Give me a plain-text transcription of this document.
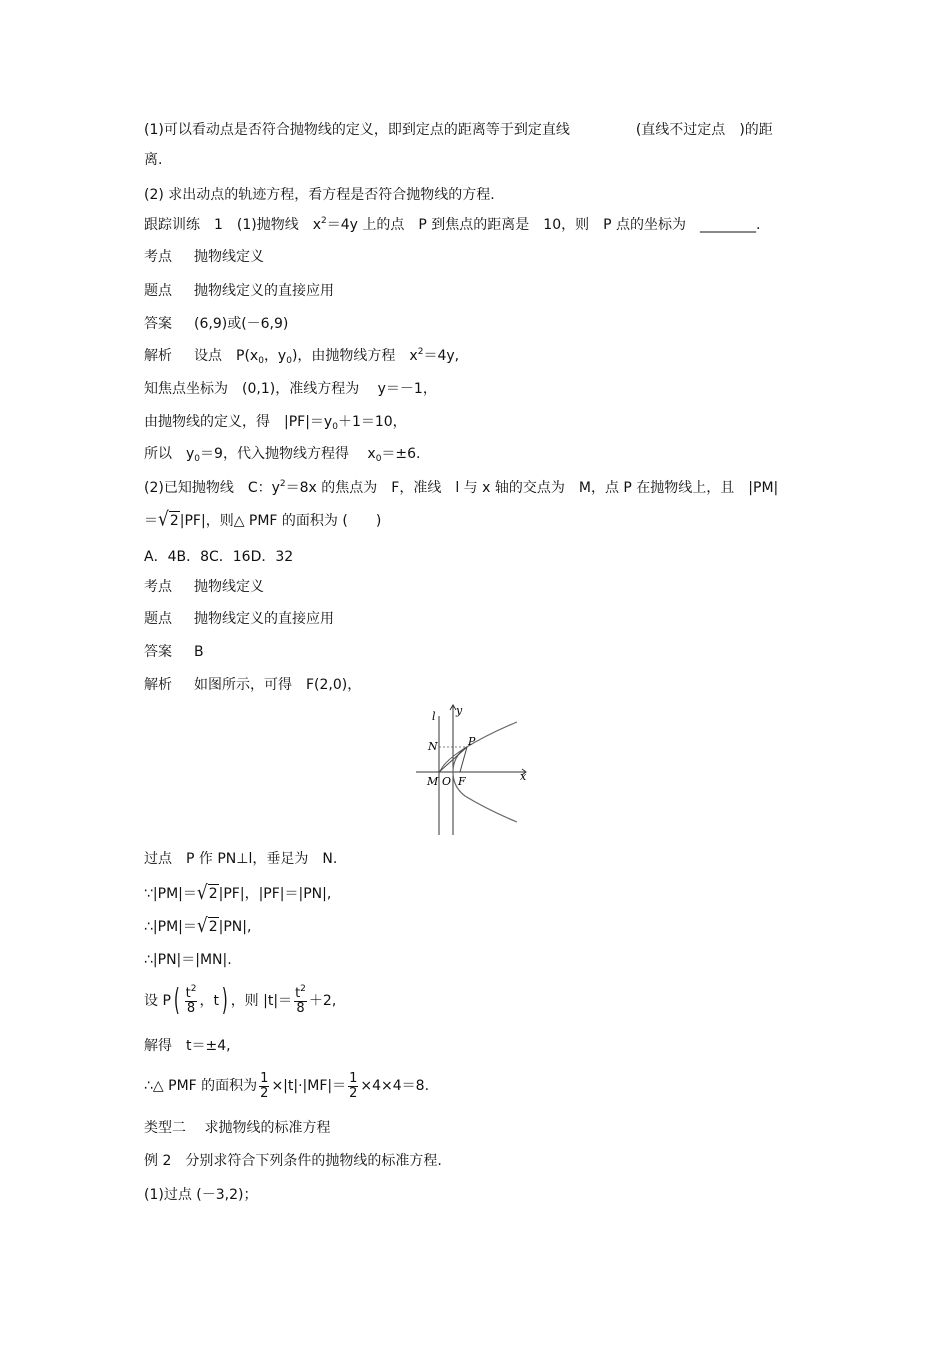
(1)可以看动点是否符合抛物线的定义，即到定点的距离等于到定直线	(直线不过定点 )的距
离.
(2) 求出动点的轨迹方程，看方程是否符合抛物线的方程.
跟踪训练　1　(1)抛物线　$x^2=4y$ 上的点　P 到焦点的距离是　10，则　P 点的坐标为　________.
考点 抛物线定义
题点 抛物线定义的直接应用
答案 (6,9)或(－6,9)
解析 设点　$P(x_0$，$y_0$)，由抛物线方程　$x^2=4y$,
知焦点坐标为　(0,1)，准线方程为　 y＝－1，
由抛物线的定义，得　$|PF|=y_0+1=10$，
所以　$y_0=9$，代入抛物线方程得　 $x_0=\pm 6$.
(2)已知抛物线　C：$y^2=8x$ 的焦点为　F，准线　l 与 x 轴的交点为　M，点 P 在抛物线上，且　|PM|
＝√2|PF|，则△ PMF 的面积为 (　　)
A．4B．8C．16D．32
考点 抛物线定义
题点 抛物线定义的直接应用
答案 B
解析 如图所示，可得　F(2,0)，
l y
x
N	P
M O F
过点　P 作 PN⊥l，垂足为　N.
∵|PM|＝√2|PF|，|PF|＝|PN|,
∴|PM|＝√2|PN|,
∴|PN|＝|MN|.
设 $P( \frac{t^2}{8}$ ，t) ，则 $|t|= \frac{t^2}{8} +2$,
解得　t＝±4,
∴△ PMF 的面积为 $\frac{1}{2} \times|t|\cdot|MF|= \frac{1}{2} \times 4\times 4=8$.
类型二　 求抛物线的标准方程
例 2　分别求符合下列条件的抛物线的标准方程.
(1)过点 (－3,2)；
